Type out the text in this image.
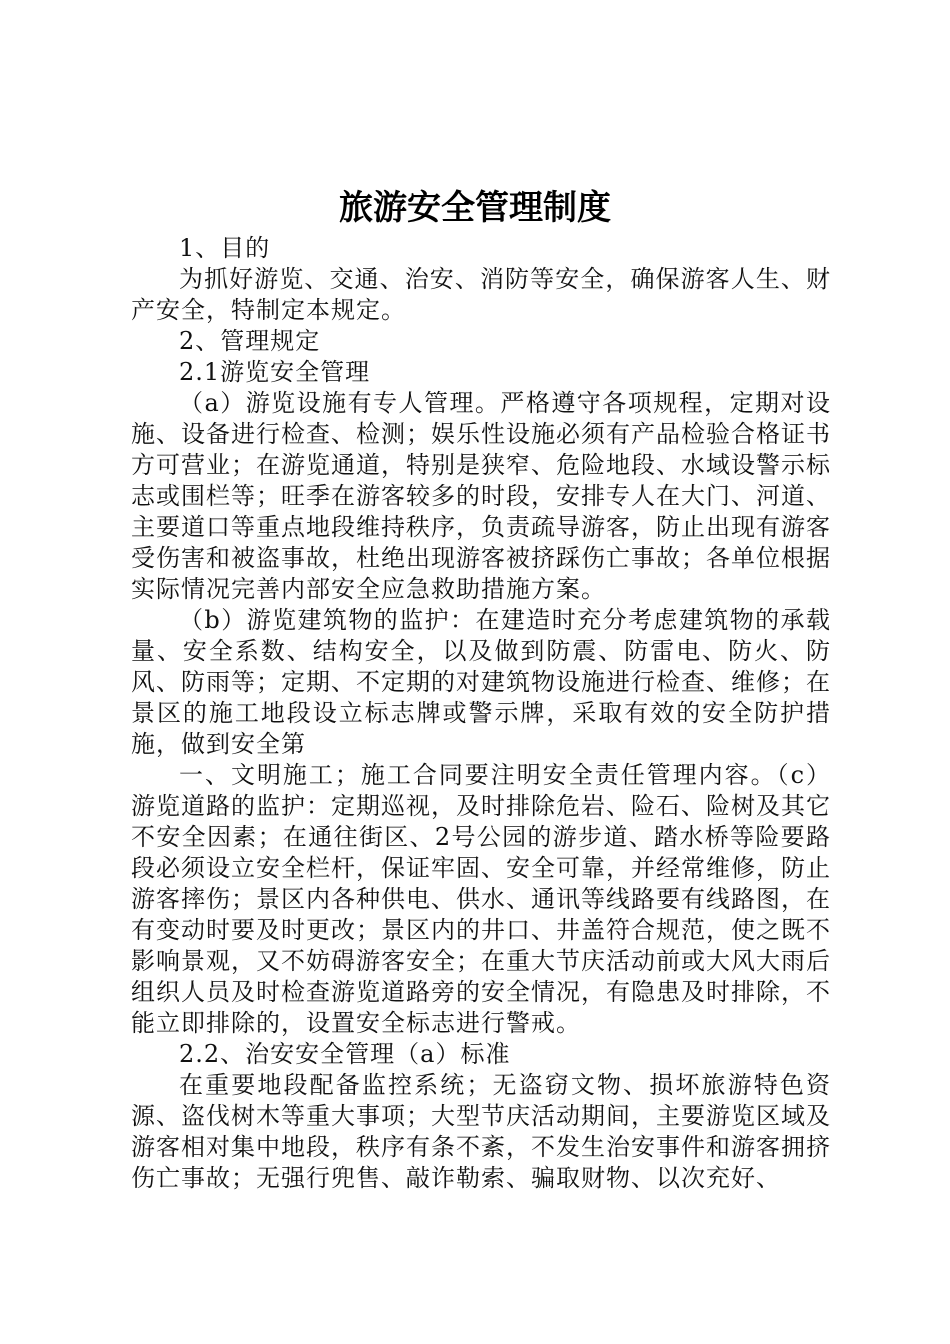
旅游安全管理制度

1、目的

为抓好游览、交通、治安、消防等安全，确保游客人生、财产安全，特制定本规定。

2、管理规定

2.1游览安全管理

（a）游览设施有专人管理。严格遵守各项规程，定期对设施、设备进行检查、检测；娱乐性设施必须有产品检验合格证书方可营业；在游览通道，特别是狭窄、危险地段、水域设警示标志或围栏等；旺季在游客较多的时段，安排专人在大门、河道、主要道口等重点地段维持秩序，负责疏导游客，防止出现有游客受伤害和被盗事故，杜绝出现游客被挤踩伤亡事故；各单位根据实际情况完善内部安全应急救助措施方案。

（b）游览建筑物的监护：在建造时充分考虑建筑物的承载量、安全系数、结构安全，以及做到防震、防雷电、防火、防风、防雨等；定期、不定期的对建筑物设施进行检查、维修；在景区的施工地段设立标志牌或警示牌，采取有效的安全防护措施，做到安全第

一、文明施工；施工合同要注明安全责任管理内容。（c）游览道路的监护：定期巡视，及时排除危岩、险石、险树及其它不安全因素；在通往街区、2号公园的游步道、踏水桥等险要路段必须设立安全栏杆，保证牢固、安全可靠，并经常维修，防止游客摔伤；景区内各种供电、供水、通讯等线路要有线路图，在有变动时要及时更改；景区内的井口、井盖符合规范，使之既不影响景观，又不妨碍游客安全；在重大节庆活动前或大风大雨后组织人员及时检查游览道路旁的安全情况，有隐患及时排除，不能立即排除的，设置安全标志进行警戒。

2.2、治安安全管理（a）标准

在重要地段配备监控系统；无盗窃文物、损坏旅游特色资源、盗伐树木等重大事项；大型节庆活动期间，主要游览区域及游客相对集中地段，秩序有条不紊，不发生治安事件和游客拥挤伤亡事故；无强行兜售、敲诈勒索、骗取财物、以次充好、
